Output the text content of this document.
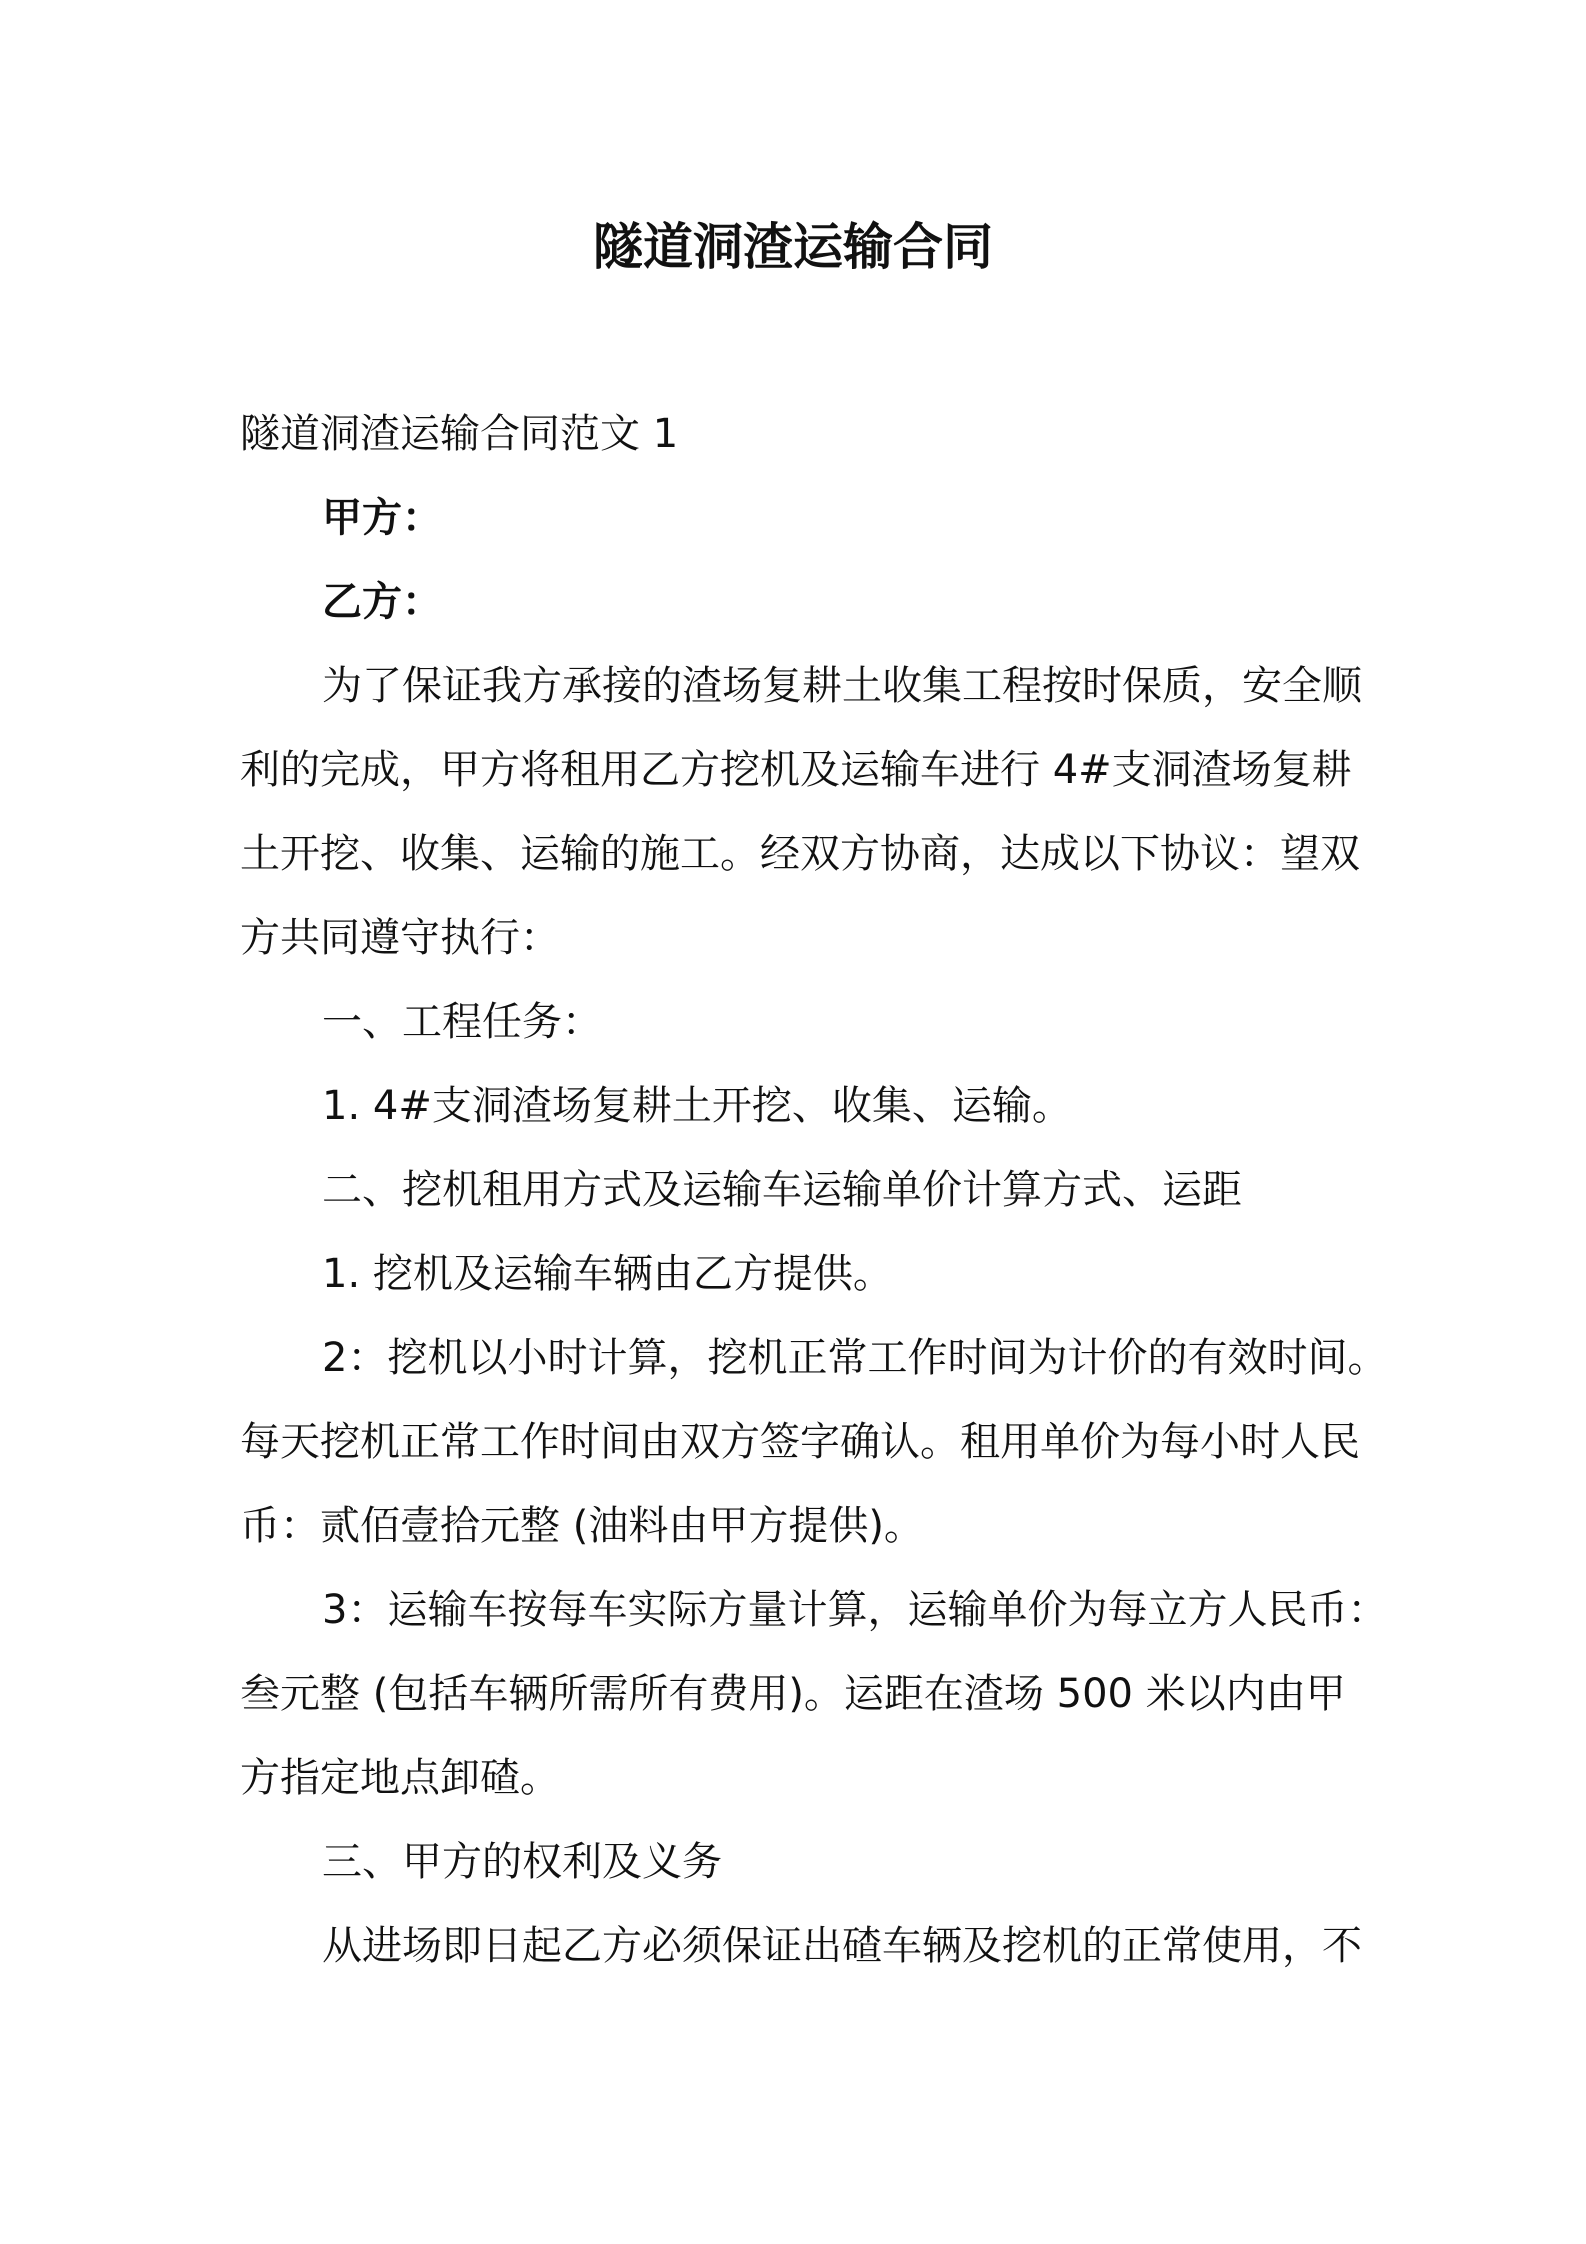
隧道洞渣运输合同

隧道洞渣运输合同范文 1

甲方：

乙方：

为了保证我方承接的渣场复耕土收集工程按时保质，安全顺

利的完成，甲方将租用乙方挖机及运输车进行 4#支洞渣场复耕

土开挖、收集、运输的施工。经双方协商，达成以下协议：望双

方共同遵守执行：

一、工程任务：

1. 4#支洞渣场复耕土开挖、收集、运输。

二、挖机租用方式及运输车运输单价计算方式、运距

1. 挖机及运输车辆由乙方提供。

2：挖机以小时计算，挖机正常工作时间为计价的有效时间。

每天挖机正常工作时间由双方签字确认。租用单价为每小时人民

币：贰佰壹拾元整 (油料由甲方提供)。

3：运输车按每车实际方量计算，运输单价为每立方人民币：

叁元整 (包括车辆所需所有费用)。运距在渣场 500 米以内由甲

方指定地点卸碴。

三、甲方的权利及义务

从进场即日起乙方必须保证出碴车辆及挖机的正常使用，不
